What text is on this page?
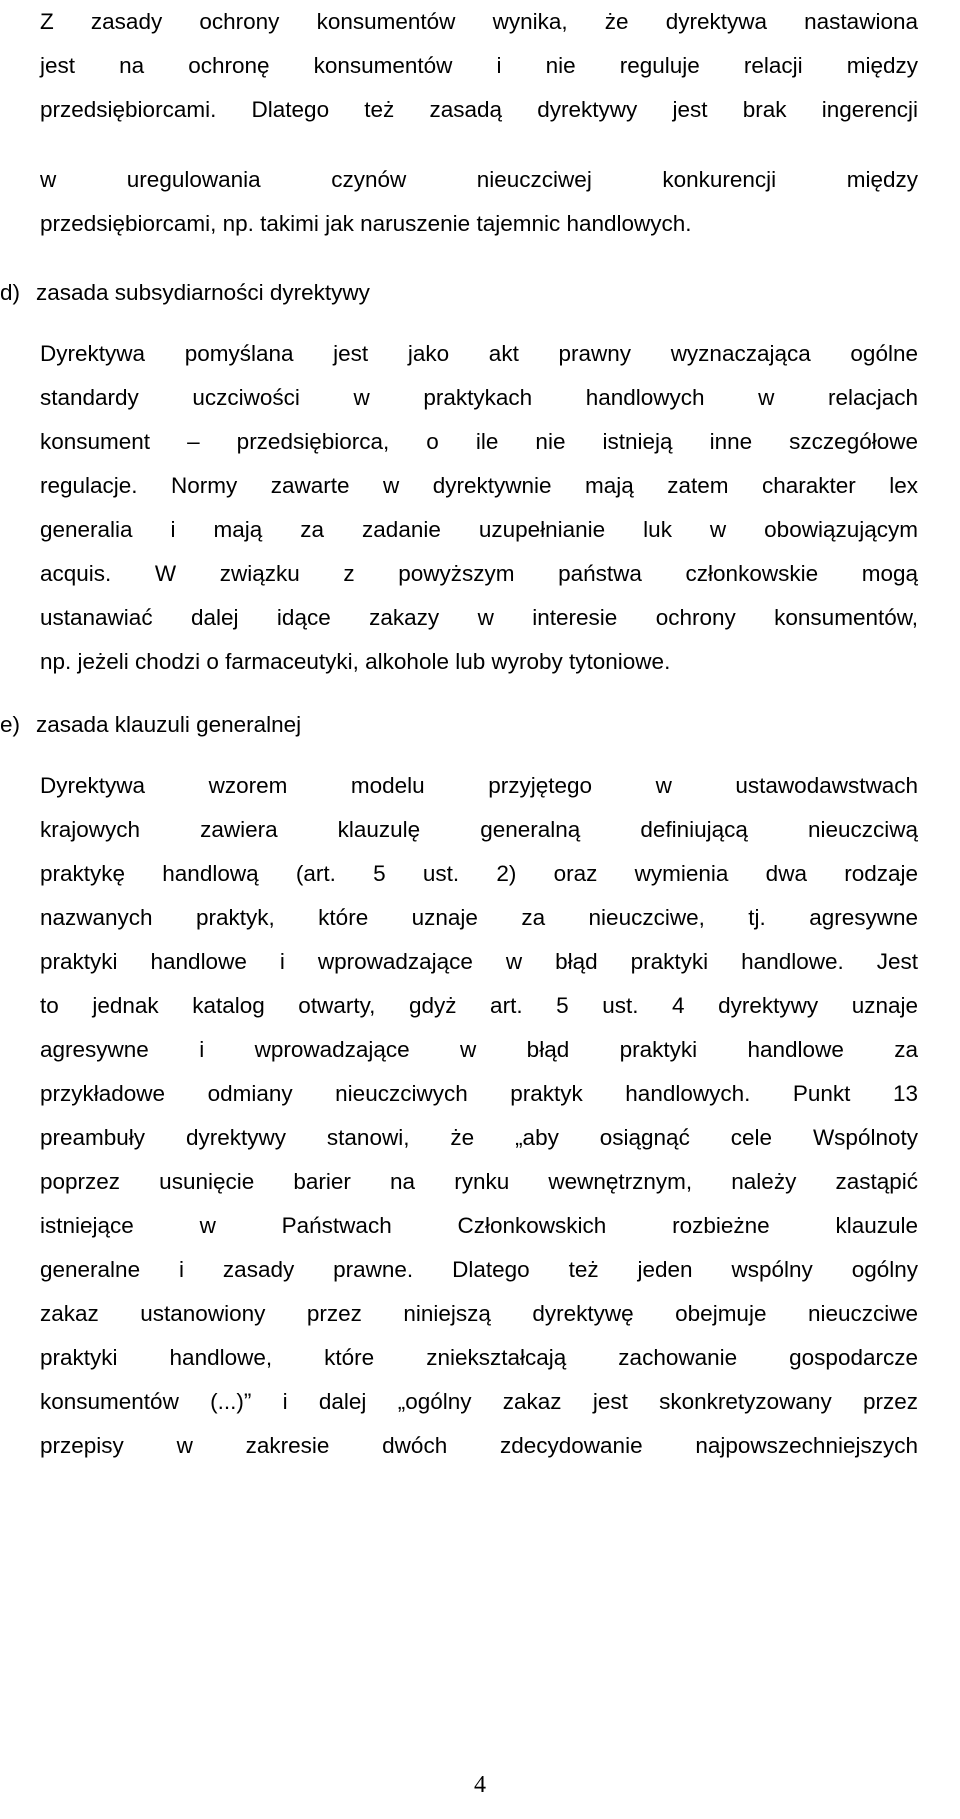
Z zasady ochrony konsumentów wynika, że dyrektywa nastawiona
jest na ochronę konsumentów i nie reguluje relacji między
przedsiębiorcami. Dlatego też zasadą dyrektywy jest brak ingerencji
w uregulowania czynów nieuczciwej konkurencji między
przedsiębiorcami, np. takimi jak naruszenie tajemnic handlowych.
d) zasada subsydiarności dyrektywy
Dyrektywa pomyślana jest jako akt prawny wyznaczająca ogólne
standardy uczciwości w praktykach handlowych w relacjach
konsument – przedsiębiorca, o ile nie istnieją inne szczegółowe
regulacje. Normy zawarte w dyrektywnie mają zatem charakter lex
generalia i mają za zadanie uzupełnianie luk w obowiązującym
acquis. W związku z powyższym państwa członkowskie mogą
ustanawiać dalej idące zakazy w interesie ochrony konsumentów,
np. jeżeli chodzi o farmaceutyki, alkohole lub wyroby tytoniowe.
e) zasada klauzuli generalnej
Dyrektywa wzorem modelu przyjętego w ustawodawstwach
krajowych zawiera klauzulę generalną definiującą nieuczciwą
praktykę handlową (art. 5 ust. 2) oraz wymienia dwa rodzaje
nazwanych praktyk, które uznaje za nieuczciwe, tj. agresywne
praktyki handlowe i wprowadzające w błąd praktyki handlowe. Jest
to jednak katalog otwarty, gdyż art. 5 ust. 4 dyrektywy uznaje
agresywne i wprowadzające w błąd praktyki handlowe za
przykładowe odmiany nieuczciwych praktyk handlowych. Punkt 13
preambuły dyrektywy stanowi, że „aby osiągnąć cele Wspólnoty
poprzez usunięcie barier na rynku wewnętrznym, należy zastąpić
istniejące w Państwach Członkowskich rozbieżne klauzule
generalne i zasady prawne. Dlatego też jeden wspólny ogólny
zakaz ustanowiony przez niniejszą dyrektywę obejmuje nieuczciwe
praktyki handlowe, które zniekształcają zachowanie gospodarcze
konsumentów (...)” i dalej „ogólny zakaz jest skonkretyzowany przez
przepisy w zakresie dwóch zdecydowanie najpowszechniejszych
4
